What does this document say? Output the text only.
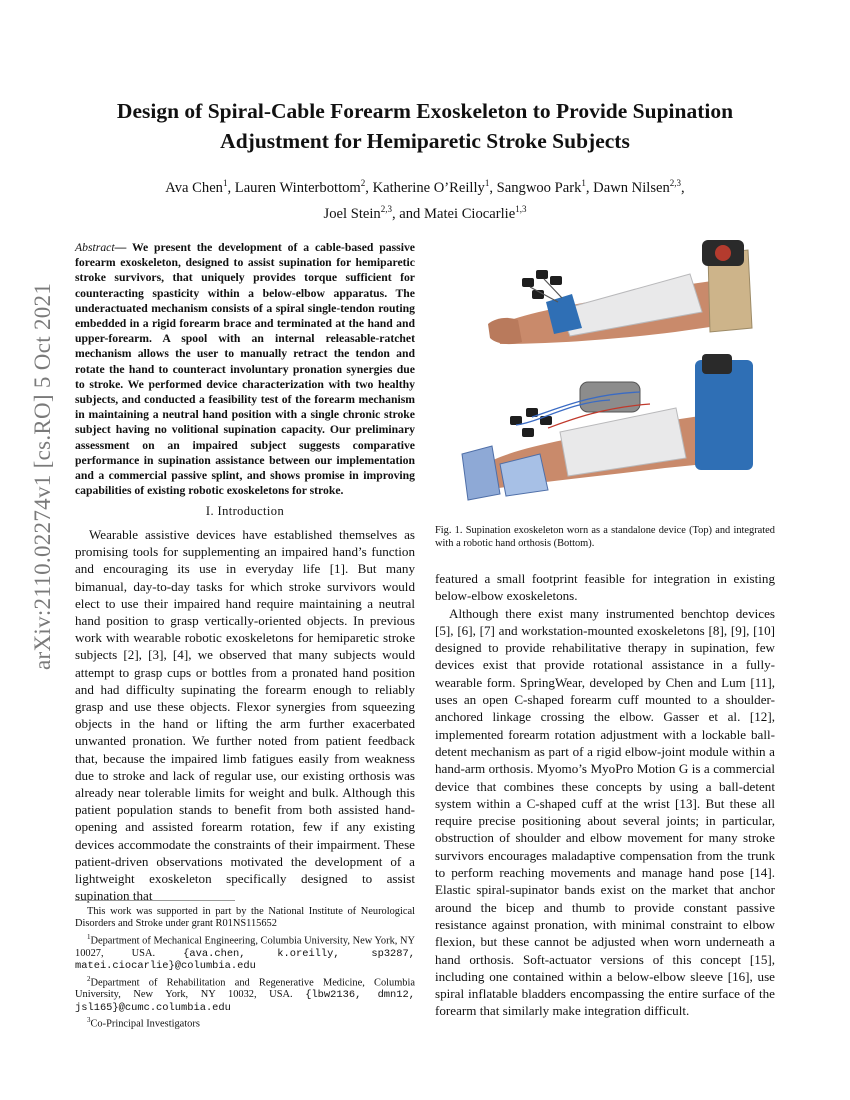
arXiv:2110.02274v1 [cs.RO] 5 Oct 2021
Design of Spiral-Cable Forearm Exoskeleton to Provide Supination Adjustment for Hemiparetic Stroke Subjects
Ava Chen$^1$, Lauren Winterbottom$^2$, Katherine O’Reilly$^1$, Sangwoo Park$^1$, Dawn Nilsen$^{2,3}$,
Joel Stein$^{2,3}$, and Matei Ciocarlie$^{1,3}$

Abstract— We present the development of a cable-based passive forearm exoskeleton, designed to assist supination for hemiparetic stroke survivors, that uniquely provides torque sufficient for counteracting spasticity within a below-elbow apparatus. The underactuated mechanism consists of a spiral single-tendon routing embedded in a rigid forearm brace and terminated at the hand and upper-forearm. A spool with an internal releasable-ratchet mechanism allows the user to manually retract the tendon and rotate the hand to counteract involuntary pronation synergies due to stroke. We performed device characterization with two healthy subjects, and conducted a feasibility test of the forearm mechanism in maintaining a neutral hand position with a single chronic stroke subject having no volitional supination capacity. Our preliminary assessment on an impaired subject suggests comparative performance in supination assistance between our implementation and a commercial passive splint, and shows promise in improving capabilities of existing robotic exoskeletons for stroke.

I. Introduction

Wearable assistive devices have established themselves as promising tools for supplementing an impaired hand’s function and encouraging its use in everyday life [1]. But many bimanual, day-to-day tasks for which stroke survivors would elect to use their impaired hand require maintaining a neutral hand position to grasp vertically-oriented objects. In previous work with wearable robotic exoskeletons for hemiparetic stroke subjects [2], [3], [4], we observed that many subjects would attempt to grasp cups or bottles from a pronated hand position and had difficulty supinating the forearm enough to reliably grasp and use these objects. Flexor synergies from squeezing objects in the hand or lifting the arm further exacerbated unwanted pronation. We further noted from patient feedback that, because the impaired limb fatigues easily from weakness due to stroke and lack of regular use, our existing orthosis was already near tolerable limits for weight and bulk. Although this patient population stands to benefit from both assisted hand-opening and assisted forearm rotation, few if any existing devices accommodate the constraints of their impairment. These patient-driven observations motivated the development of a lightweight exoskeleton specifically designed to assist supination that

This work was supported in part by the National Institute of Neurological Disorders and Stroke under grant R01NS115652

$^1$Department of Mechanical Engineering, Columbia University, New York, NY 10027, USA.	{ava.chen, k.oreilly, sp3287, matei.ciocarlie}@columbia.edu

$^2$Department of Rehabilitation and Regenerative Medicine, Columbia University, New York, NY 10032, USA. {lbw2136, dmn12, jsl165}@cumc.columbia.edu

$^3$Co-Principal Investigators

Fig. 1. Supination exoskeleton worn as a standalone device (Top) and integrated with a robotic hand orthosis (Bottom).

featured a small footprint feasible for integration in existing below-elbow exoskeletons.

Although there exist many instrumented benchtop devices [5], [6], [7] and workstation-mounted exoskeletons [8], [9], [10] designed to provide rehabilitative therapy in supination, few devices exist that provide rotational assistance in a fully-wearable form. SpringWear, developed by Chen and Lum [11], uses an open C-shaped forearm cuff mounted to a shoulder-anchored linkage crossing the elbow. Gasser et al. [12], implemented forearm rotation adjustment with a lockable ball-detent mechanism as part of a rigid elbow-joint module within a hand-arm orthosis. Myomo’s MyoPro Motion G is a commercial device that combines these concepts by using a ball-detent system within a C-shaped cuff at the wrist [13]. But these all require precise positioning about several joints; in particular, obstruction of shoulder and elbow movement for many stroke survivors encourages maladaptive compensation from the trunk to perform reaching movements and manage hand pose [14]. Elastic spiral-supinator bands exist on the market that anchor around the bicep and thumb to provide constant passive resistance against pronation, with minimal constraint to elbow flexion, but these cannot be adjusted when worn underneath a hand orthosis. Soft-actuator versions of this concept [15], including one contained within a below-elbow sleeve [16], use spiral inflatable bladders encompassing the entire surface of the forearm that similarly make integration difficult.
